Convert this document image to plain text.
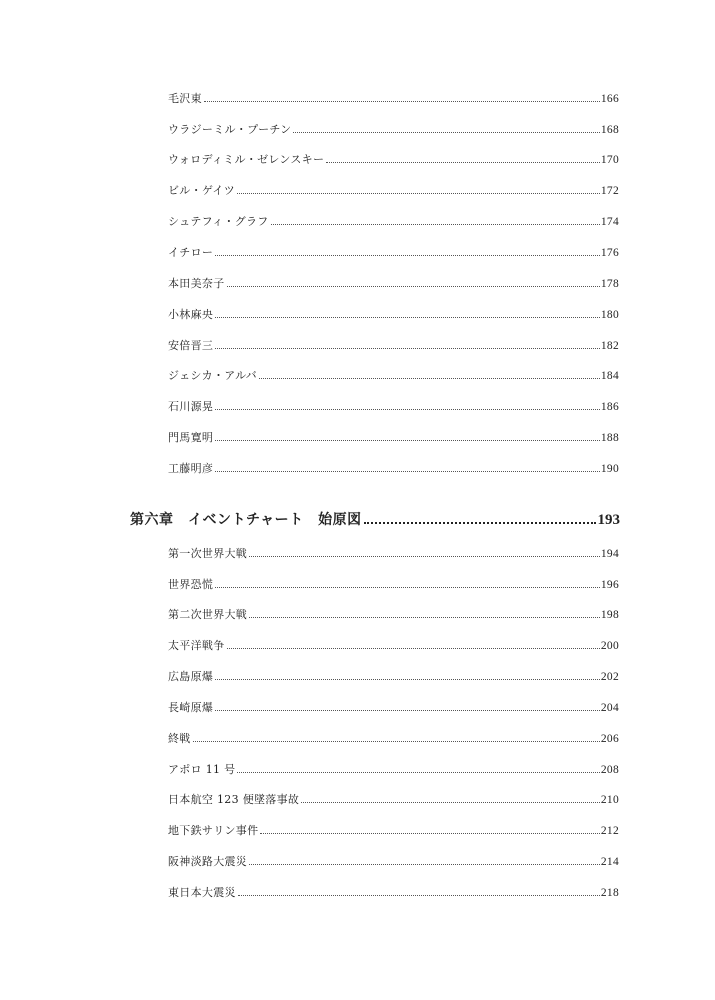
毛沢東	166
ウラジーミル・プーチン	168
ウォロディミル・ゼレンスキー	170
ビル・ゲイツ	172
シュテフィ・グラフ	174
イチロー	176
本田美奈子	178
小林麻央	180
安倍晋三	182
ジェシカ・アルバ	184
石川源晃	186
門馬寛明	188
工藤明彦	190
第六章　イベントチャート　始原図	193
第一次世界大戦	194
世界恐慌	196
第二次世界大戦	198
太平洋戦争	200
広島原爆	202
長崎原爆	204
終戦	206
アポロ 11 号	208
日本航空 123 便墜落事故	210
地下鉄サリン事件	212
阪神淡路大震災	214
東日本大震災	218
